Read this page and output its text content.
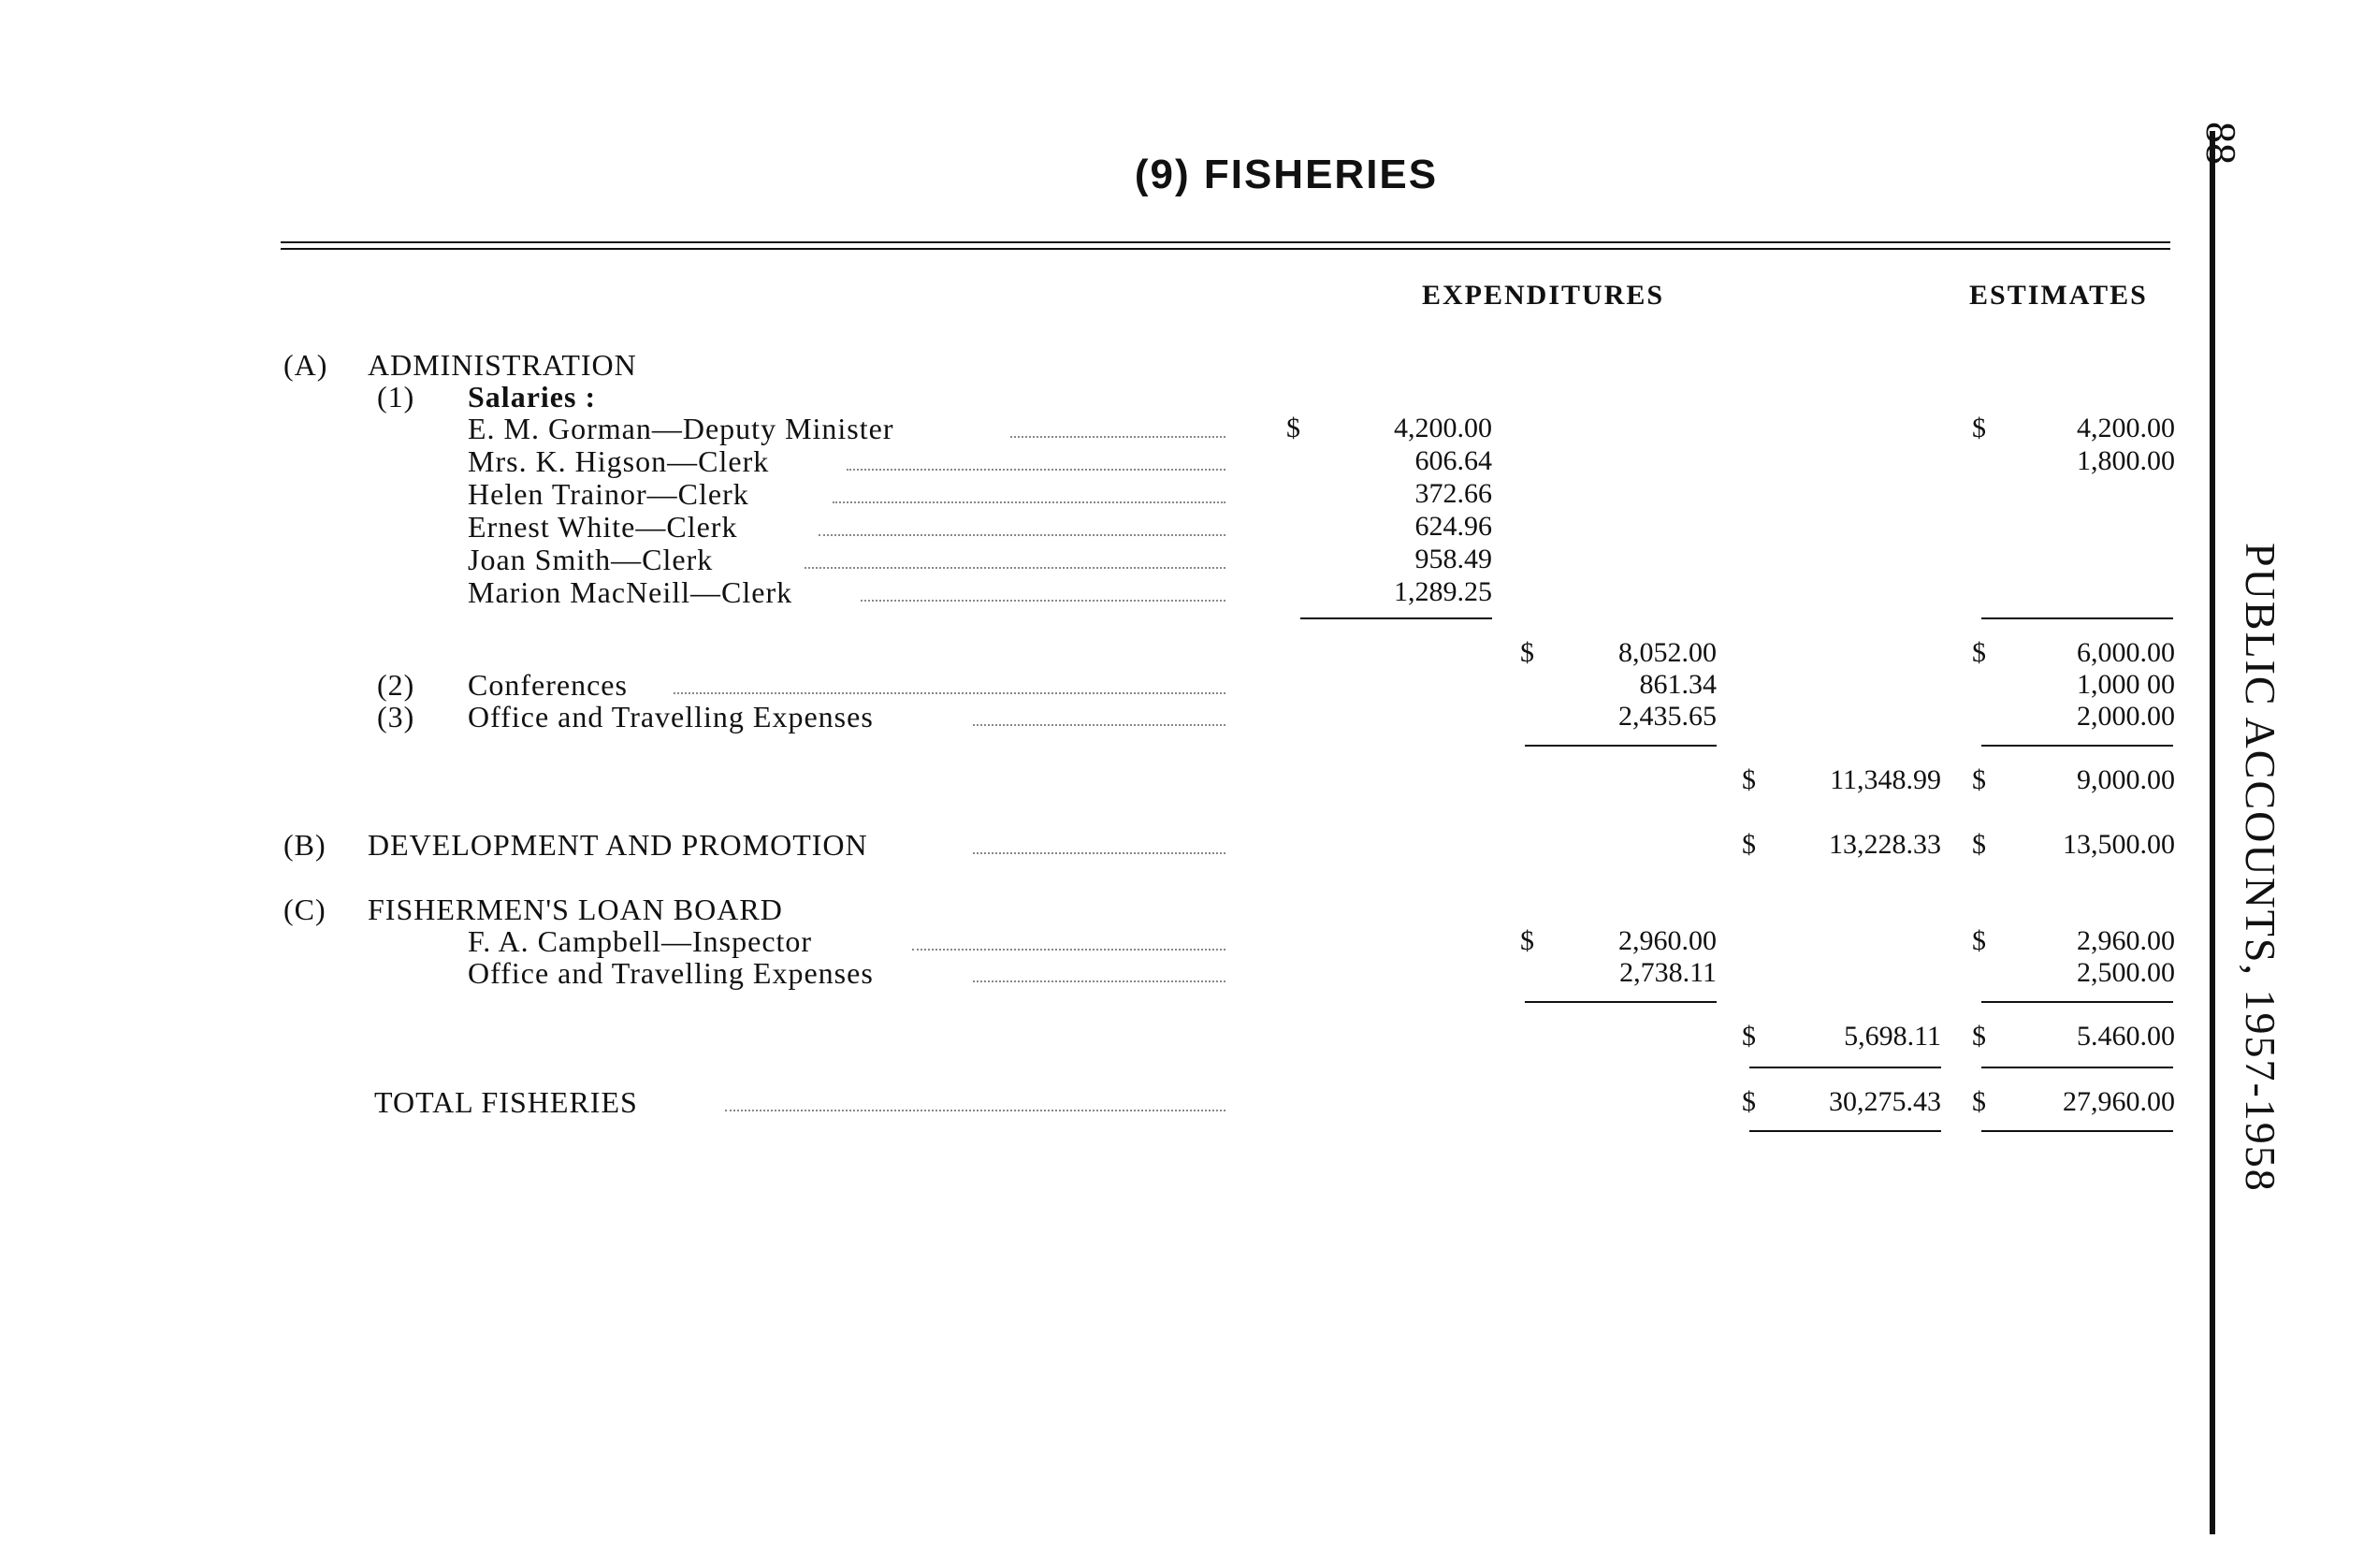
88
PUBLIC ACCOUNTS, 1957-1958
(9) FISHERIES
EXPENDITURES	ESTIMATES
(A) ADMINISTRATION
(1) Salaries :
E. M. Gorman—Deputy Minister	$	4,200.00	$	4,200.00
Mrs. K. Higson—Clerk	606.64	1,800.00
Helen Trainor—Clerk	372.66
Ernest White—Clerk	624.96
Joan Smith—Clerk	958.49
Marion MacNeill—Clerk	1,289.25
$	8,052.00	$	6,000.00
(2) Conferences	861.34	1,000 00
(3) Office and Travelling Expenses	2,435.65	2,000.00
$	11,348.99 $	9,000.00
(B) DEVELOPMENT AND PROMOTION	$	13,228.33 $	13,500.00
(C) FISHERMEN'S LOAN BOARD
F. A. Campbell—Inspector	$	2,960.00	$	2,960.00
Office and Travelling Expenses	2,738.11	2,500.00
$	5,698.11 $	5.460.00
TOTAL FISHERIES	$	30,275.43 $	27,960.00
